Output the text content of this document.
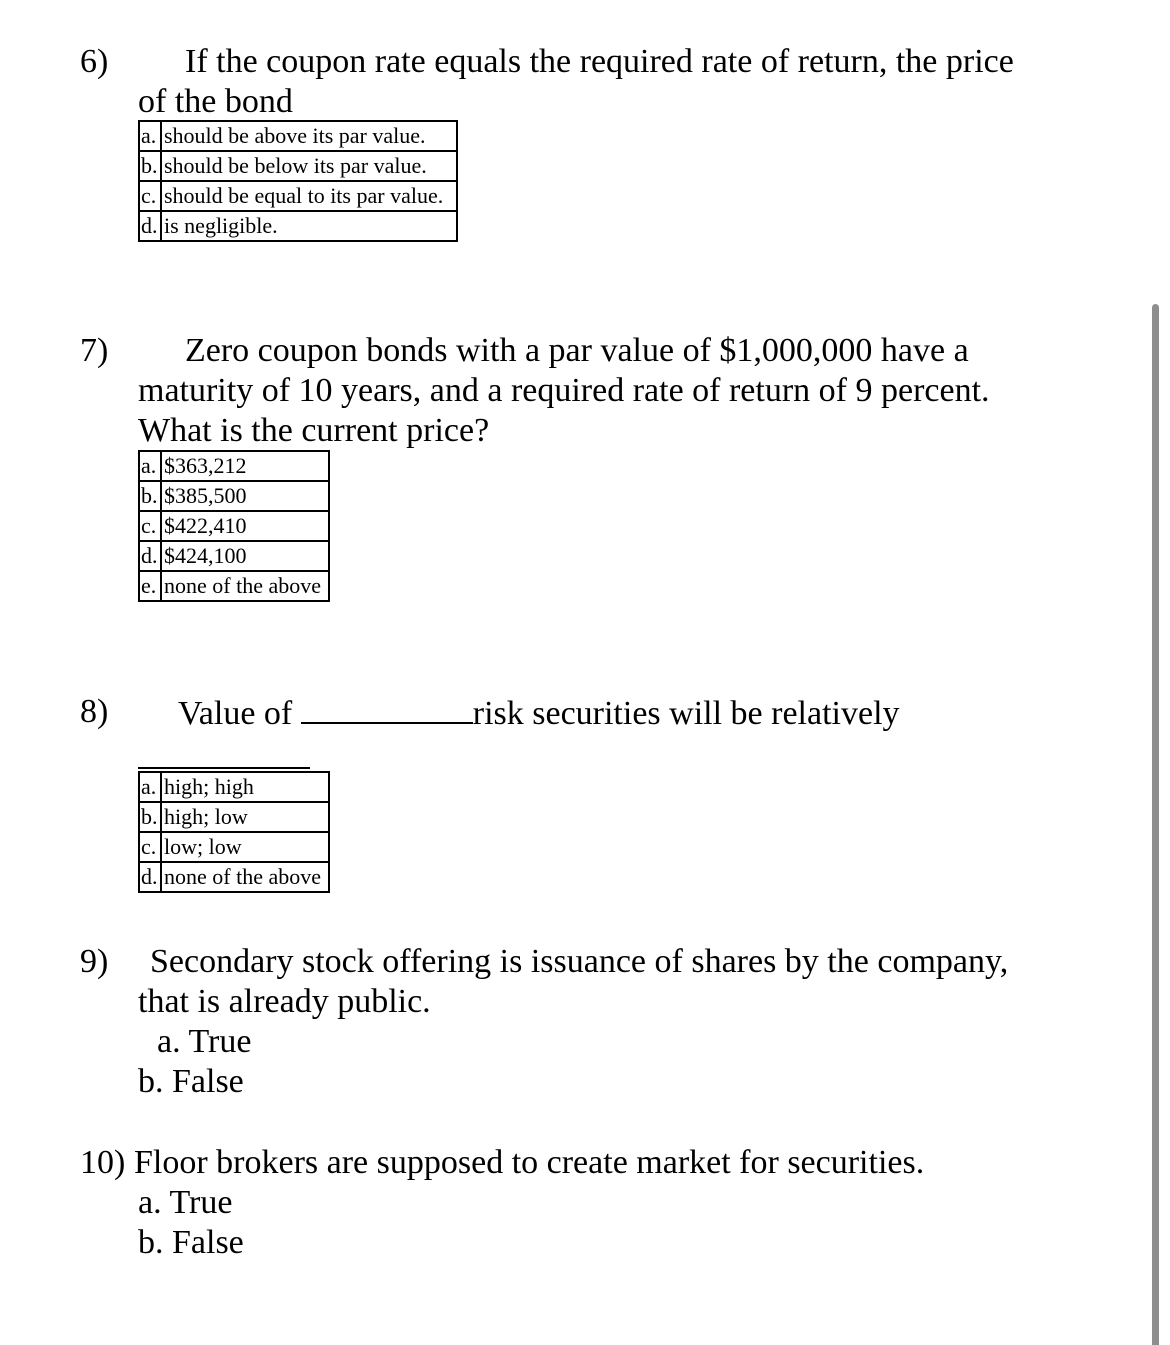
6) If the coupon rate equals the required rate of return, the price
of the bond
a.	should be above its par value.
b.	should be below its par value.
c.	should be equal to its par value.
d.	is negligible.
7) Zero coupon bonds with a par value of $1,000,000 have a
maturity of 10 years, and a required rate of return of 9 percent.
What is the current price?
a.	$363,212
b.	$385,500
c.	$422,410
d.	$424,100
e.	none of the above
8) Value of	risk securities will be relatively
a.	high; high
b.	high; low
c.	low; low
d.	none of the above
9) Secondary stock offering is issuance of shares by the company,
that is already public.
a. True
b. False
10) Floor brokers are supposed to create market for securities.
a. True
b. False
